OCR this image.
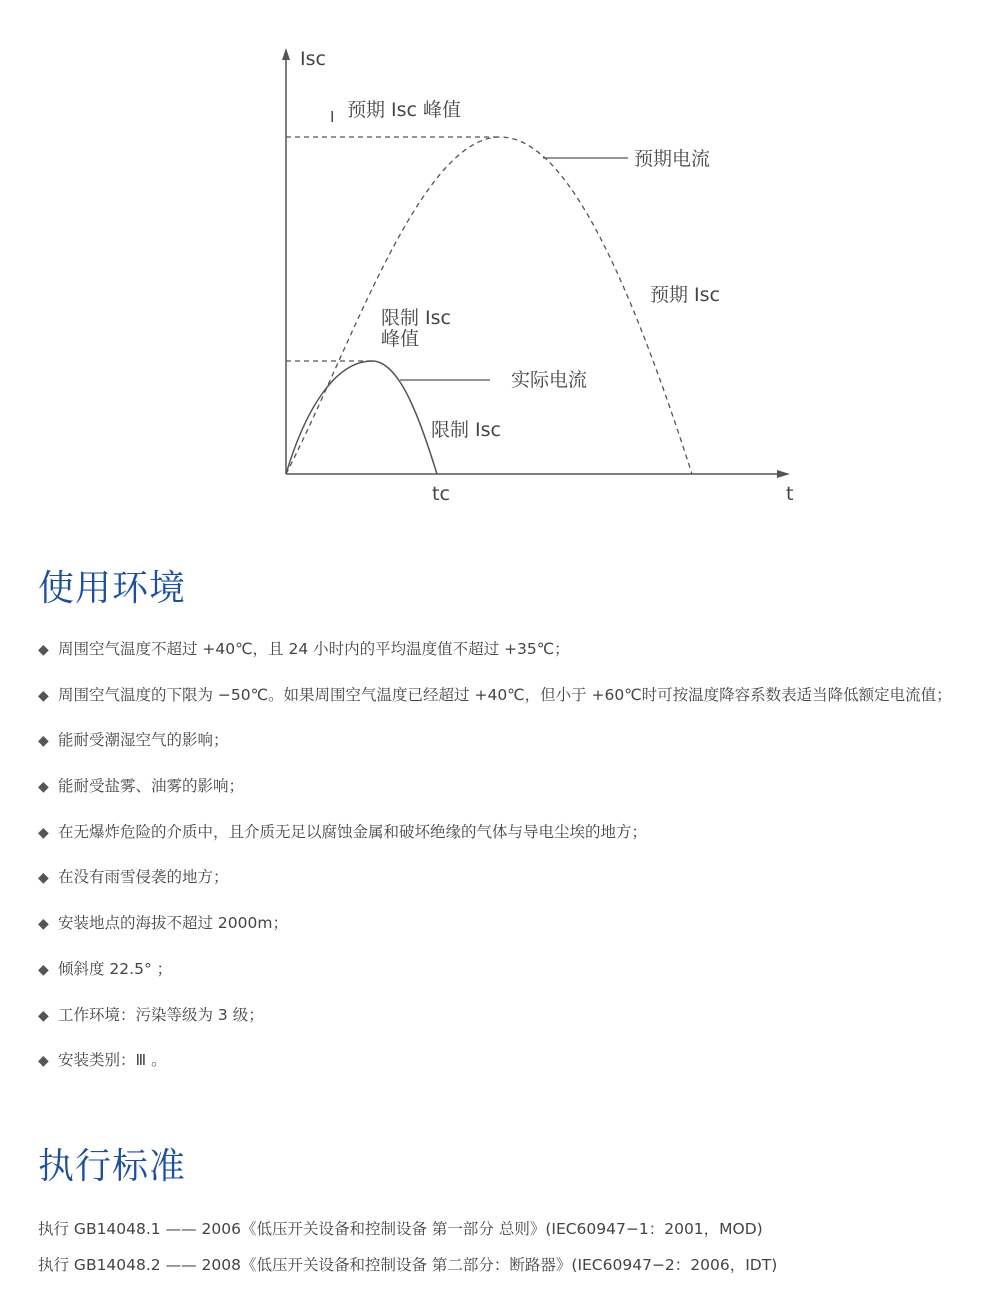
Isc
I 预期 Isc 峰值
预期电流
预期 Isc
限制 Isc
峰值
实际电流
限制 Isc
tc	t
使用环境
◆ 周围空气温度不超过 +40℃，且 24 小时内的平均温度值不超过 +35℃；
◆ 周围空气温度的下限为 −50℃。如果周围空气温度已经超过 +40℃，但小于 +60℃时可按温度降容系数表适当降低额定电流值；
◆ 能耐受潮湿空气的影响；
◆ 能耐受盐雾、油雾的影响；
◆ 在无爆炸危险的介质中，且介质无足以腐蚀金属和破坏绝缘的气体与导电尘埃的地方；
◆ 在没有雨雪侵袭的地方；
◆ 安装地点的海拔不超过 2000m；
◆ 倾斜度 22.5° ；
◆ 工作环境：污染等级为 3 级；
◆ 安装类别：Ⅲ 。
执行标准
执行 GB14048.1 —— 2006《低压开关设备和控制设备 第一部分 总则》(IEC60947−1：2001，MOD)
执行 GB14048.2 —— 2008《低压开关设备和控制设备 第二部分：断路器》(IEC60947−2：2006，IDT)
